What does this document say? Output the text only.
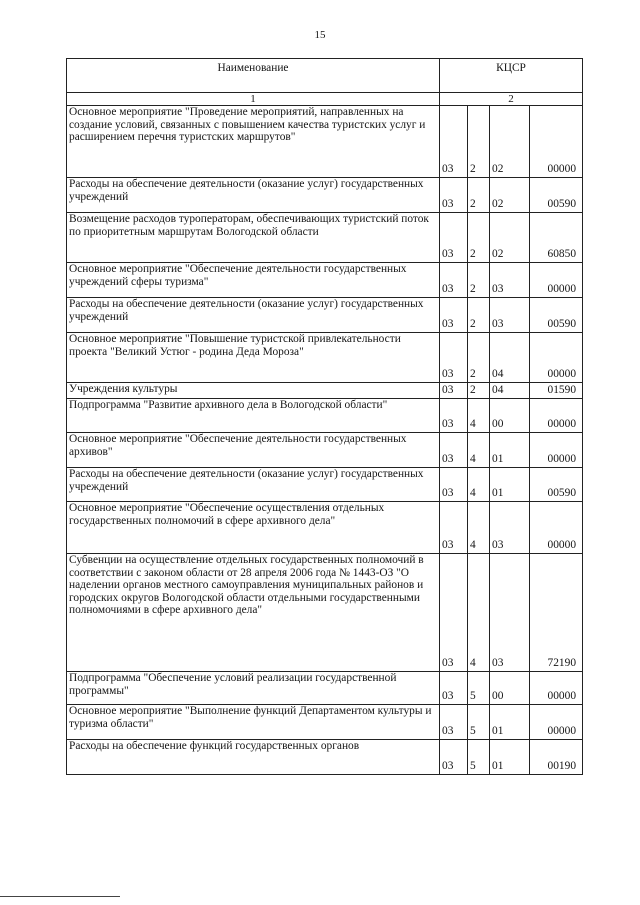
15
Наименование	КЦСР			
1	2			
Основное мероприятие "Проведение мероприятий, направленных на создание условий, связанных с повышением качества туристских услуг и расширением перечня туристских маршрутов"	03	2	02	00000
Расходы на обеспечение деятельности (оказание услуг) государственных учреждений	03	2	02	00590
Возмещение расходов туроператорам, обеспечивающих туристский поток по приоритетным маршрутам Вологодской области	03	2	02	60850
Основное мероприятие "Обеспечение деятельности государственных учреждений сферы туризма"	03	2	03	00000
Расходы на обеспечение деятельности (оказание услуг) государственных учреждений	03	2	03	00590
Основное мероприятие "Повышение туристской привлекательности проекта "Великий Устюг - родина Деда Мороза"	03	2	04	00000
Учреждения культуры	03	2	04	01590
Подпрограмма "Развитие архивного дела в Вологодской области"	03	4	00	00000
Основное мероприятие "Обеспечение деятельности государственных архивов"	03	4	01	00000
Расходы на обеспечение деятельности (оказание услуг) государственных учреждений	03	4	01	00590
Основное мероприятие "Обеспечение осуществления отдельных государственных полномочий в сфере архивного дела"	03	4	03	00000
Субвенции на осуществление отдельных государственных полномочий в соответствии с законом области от 28 апреля 2006 года № 1443-ОЗ "О наделении органов местного самоуправления муниципальных районов и городских округов Вологодской области отдельными государственными полномочиями в сфере архивного дела"	03	4	03	72190
Подпрограмма "Обеспечение условий реализации государственной программы"	03	5	00	00000
Основное мероприятие "Выполнение функций Департаментом культуры и туризма области"	03	5	01	00000
Расходы на обеспечение функций государственных органов	03	5	01	00190
